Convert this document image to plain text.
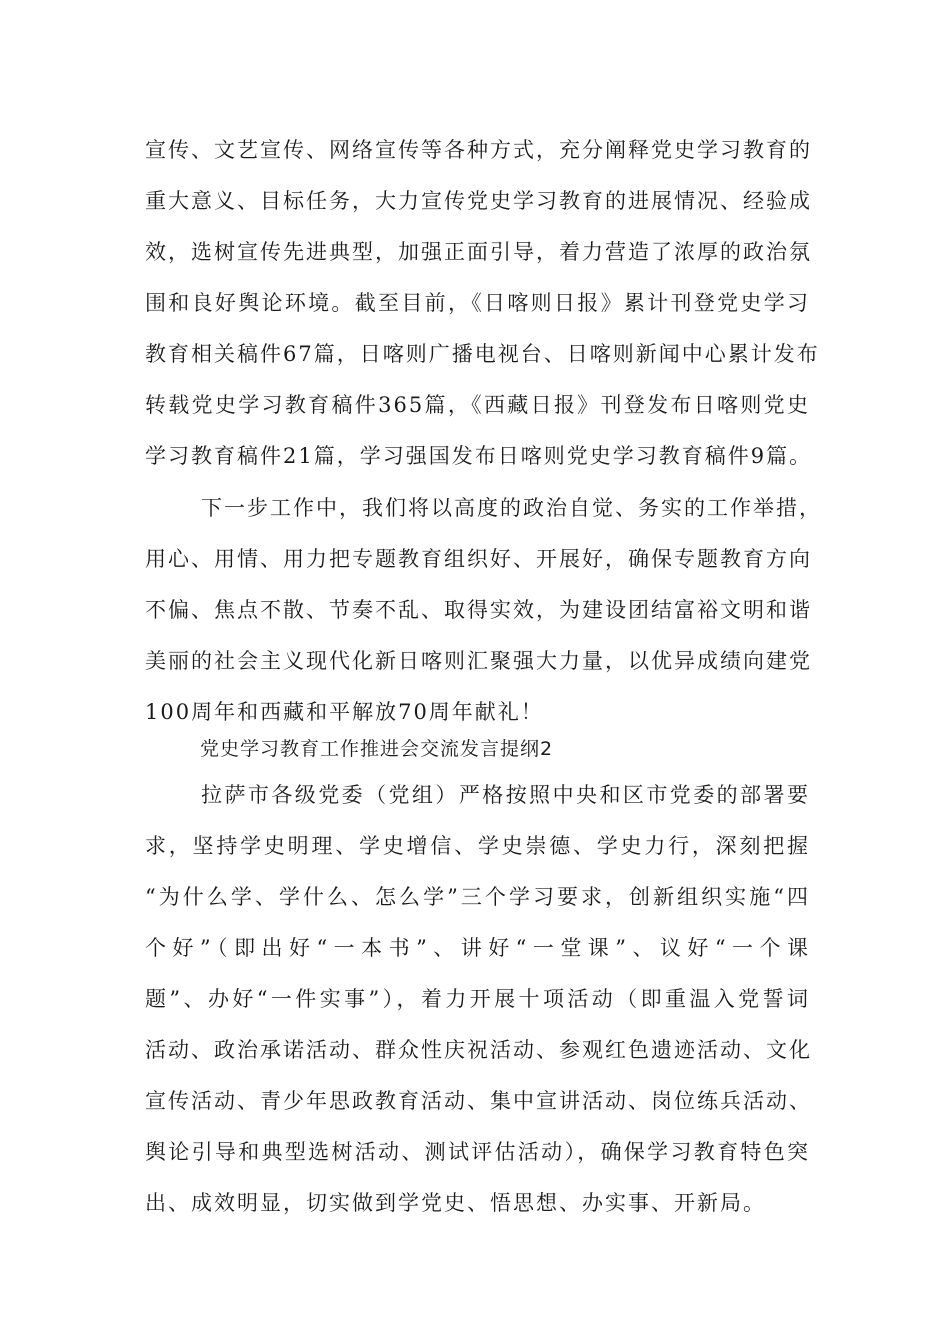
宣传、文艺宣传、网络宣传等各种方式，充分阐释党史学习教育的
重大意义、目标任务，大力宣传党史学习教育的进展情况、经验成
效，选树宣传先进典型，加强正面引导，着力营造了浓厚的政治氛
围和良好舆论环境。截至目前，《日喀则日报》累计刊登党史学习
教育相关稿件67篇，日喀则广播电视台、日喀则新闻中心累计发布
转载党史学习教育稿件365篇，《西藏日报》刊登发布日喀则党史
学习教育稿件21篇，学习强国发布日喀则党史学习教育稿件9篇。
下一步工作中，我们将以高度的政治自觉、务实的工作举措，
用心、用情、用力把专题教育组织好、开展好，确保专题教育方向
不偏、焦点不散、节奏不乱、取得实效，为建设团结富裕文明和谐
美丽的社会主义现代化新日喀则汇聚强大力量，以优异成绩向建党
100周年和西藏和平解放70周年献礼！
党史学习教育工作推进会交流发言提纲2
拉萨市各级党委（党组）严格按照中央和区市党委的部署要
求，坚持学史明理、学史增信、学史崇德、学史力行，深刻把握
“为什么学、学什么、怎么学”三个学习要求，创新组织实施“四
个好”（即出好“一本书”、讲好“一堂课”、议好“一个课
题”、办好“一件实事”），着力开展十项活动（即重温入党誓词
活动、政治承诺活动、群众性庆祝活动、参观红色遗迹活动、文化
宣传活动、青少年思政教育活动、集中宣讲活动、岗位练兵活动、
舆论引导和典型选树活动、测试评估活动），确保学习教育特色突
出、成效明显，切实做到学党史、悟思想、办实事、开新局。
